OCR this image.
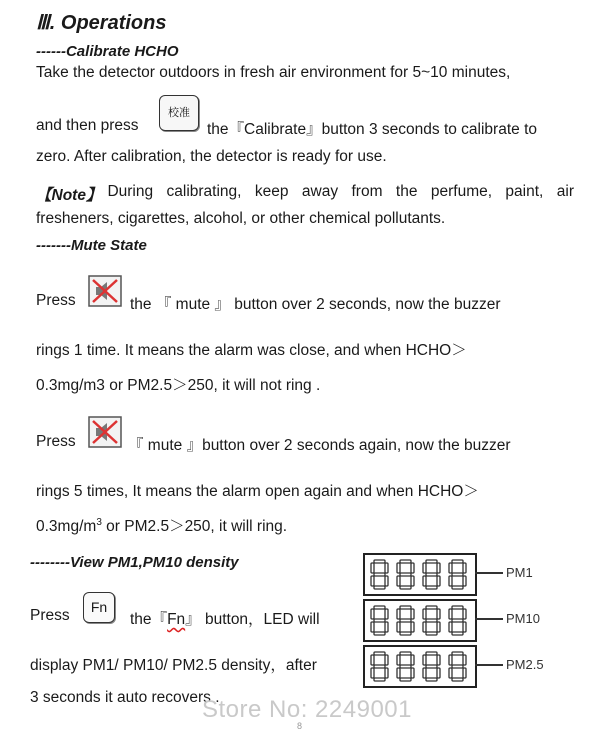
Ⅲ. Operations
------Calibrate HCHO
Take the detector outdoors in fresh air environment for 5~10 minutes,
and then press
校准
the『Calibrate』button 3 seconds to calibrate to
zero. After calibration, the detector is ready for use.
【Note】 During calibrating, keep away from the perfume, paint, air
fresheners, cigarettes, alcohol, or other chemical pollutants.
-------Mute State
Press	the 『 mute 』 button over 2 seconds, now the buzzer
rings 1 time. It means the alarm was close, and when HCHO＞
0.3mg/m3 or PM2.5＞250, it will not ring .
Press	『 mute 』button over 2 seconds again, now the buzzer
rings 5 times, It means the alarm open again and when HCHO＞
$0.3mg/m^3$ or PM2.5＞250, it will ring.
--------View PM1,PM10 density
Press	Fn
the『Fn』 button，LED will
display PM1/ PM10/ PM2.5 density，after
3 seconds it auto recovers .
PM1
PM10
PM2.5
Store No: 2249001
8
